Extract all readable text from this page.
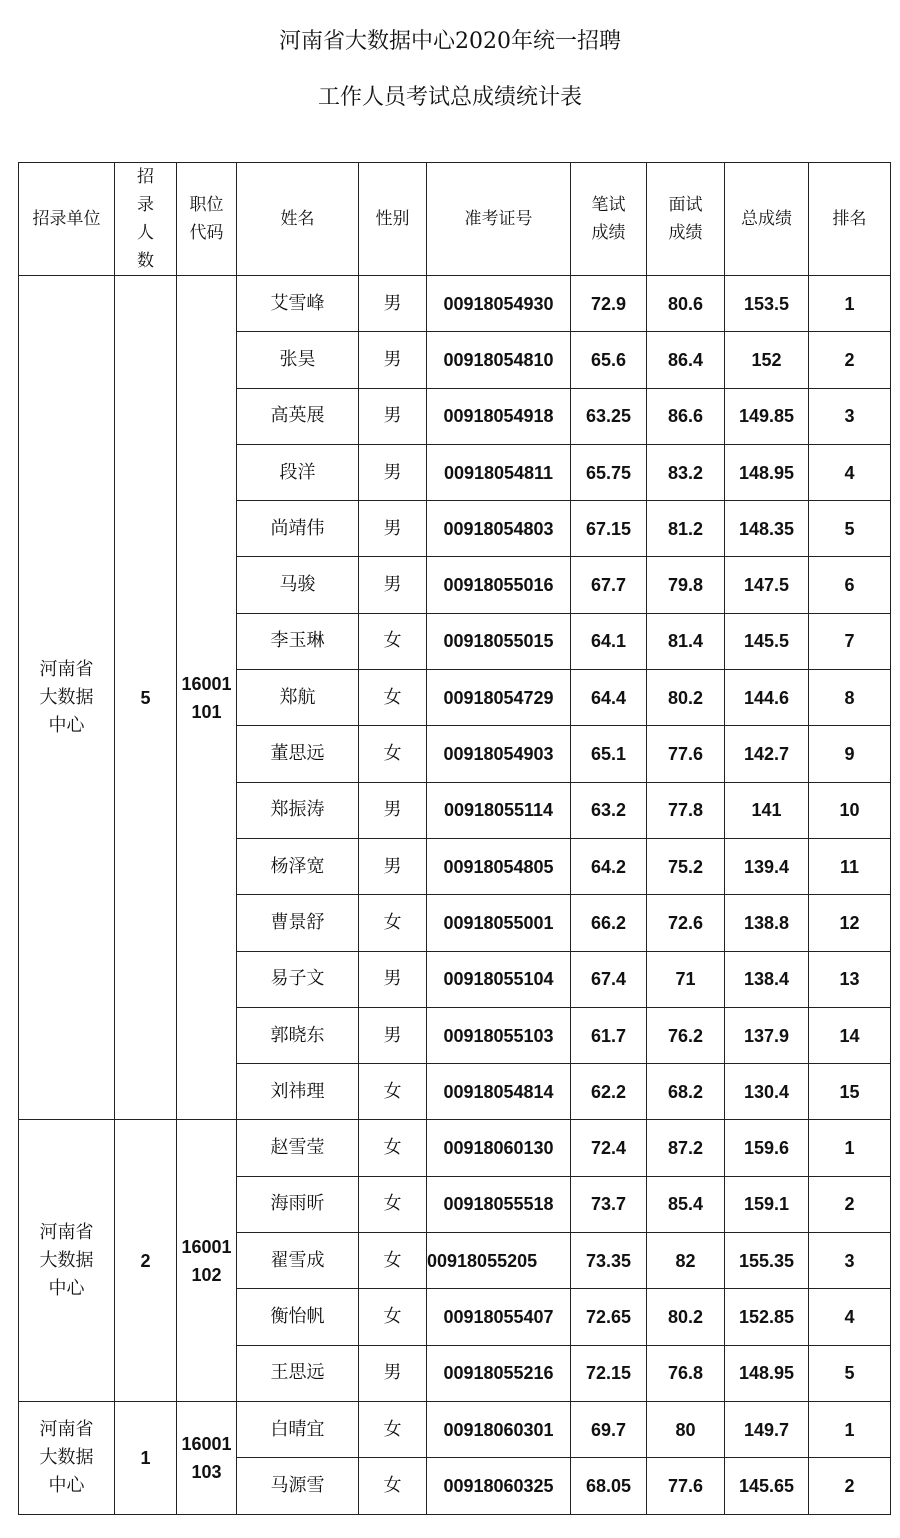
河南省大数据中心2020年统一招聘
工作人员考试总成绩统计表
招录单位	招录人数	职位代码	姓名	性别	准考证号	笔试成绩	面试成绩	总成绩	排名
河南省大数据中心	5	16001101	艾雪峰	男	00918054930	72.9	80.6	153.5	1
			张昊	男	00918054810	65.6	86.4	152	2
			高英展	男	00918054918	63.25	86.6	149.85	3
			段洋	男	00918054811	65.75	83.2	148.95	4
			尚靖伟	男	00918054803	67.15	81.2	148.35	5
			马骏	男	00918055016	67.7	79.8	147.5	6
			李玉琳	女	00918055015	64.1	81.4	145.5	7
			郑航	女	00918054729	64.4	80.2	144.6	8
			董思远	女	00918054903	65.1	77.6	142.7	9
			郑振涛	男	00918055114	63.2	77.8	141	10
			杨泽宽	男	00918054805	64.2	75.2	139.4	11
			曹景舒	女	00918055001	66.2	72.6	138.8	12
			易子文	男	00918055104	67.4	71	138.4	13
			郭晓东	男	00918055103	61.7	76.2	137.9	14
			刘祎理	女	00918054814	62.2	68.2	130.4	15
河南省大数据中心	2	16001102	赵雪莹	女	00918060130	72.4	87.2	159.6	1
			海雨昕	女	00918055518	73.7	85.4	159.1	2
			翟雪成	女	00918055205	73.35	82	155.35	3
			衡怡帆	女	00918055407	72.65	80.2	152.85	4
			王思远	男	00918055216	72.15	76.8	148.95	5
河南省大数据中心	1	16001103	白晴宜	女	00918060301	69.7	80	149.7	1
			马源雪	女	00918060325	68.05	77.6	145.65	2
